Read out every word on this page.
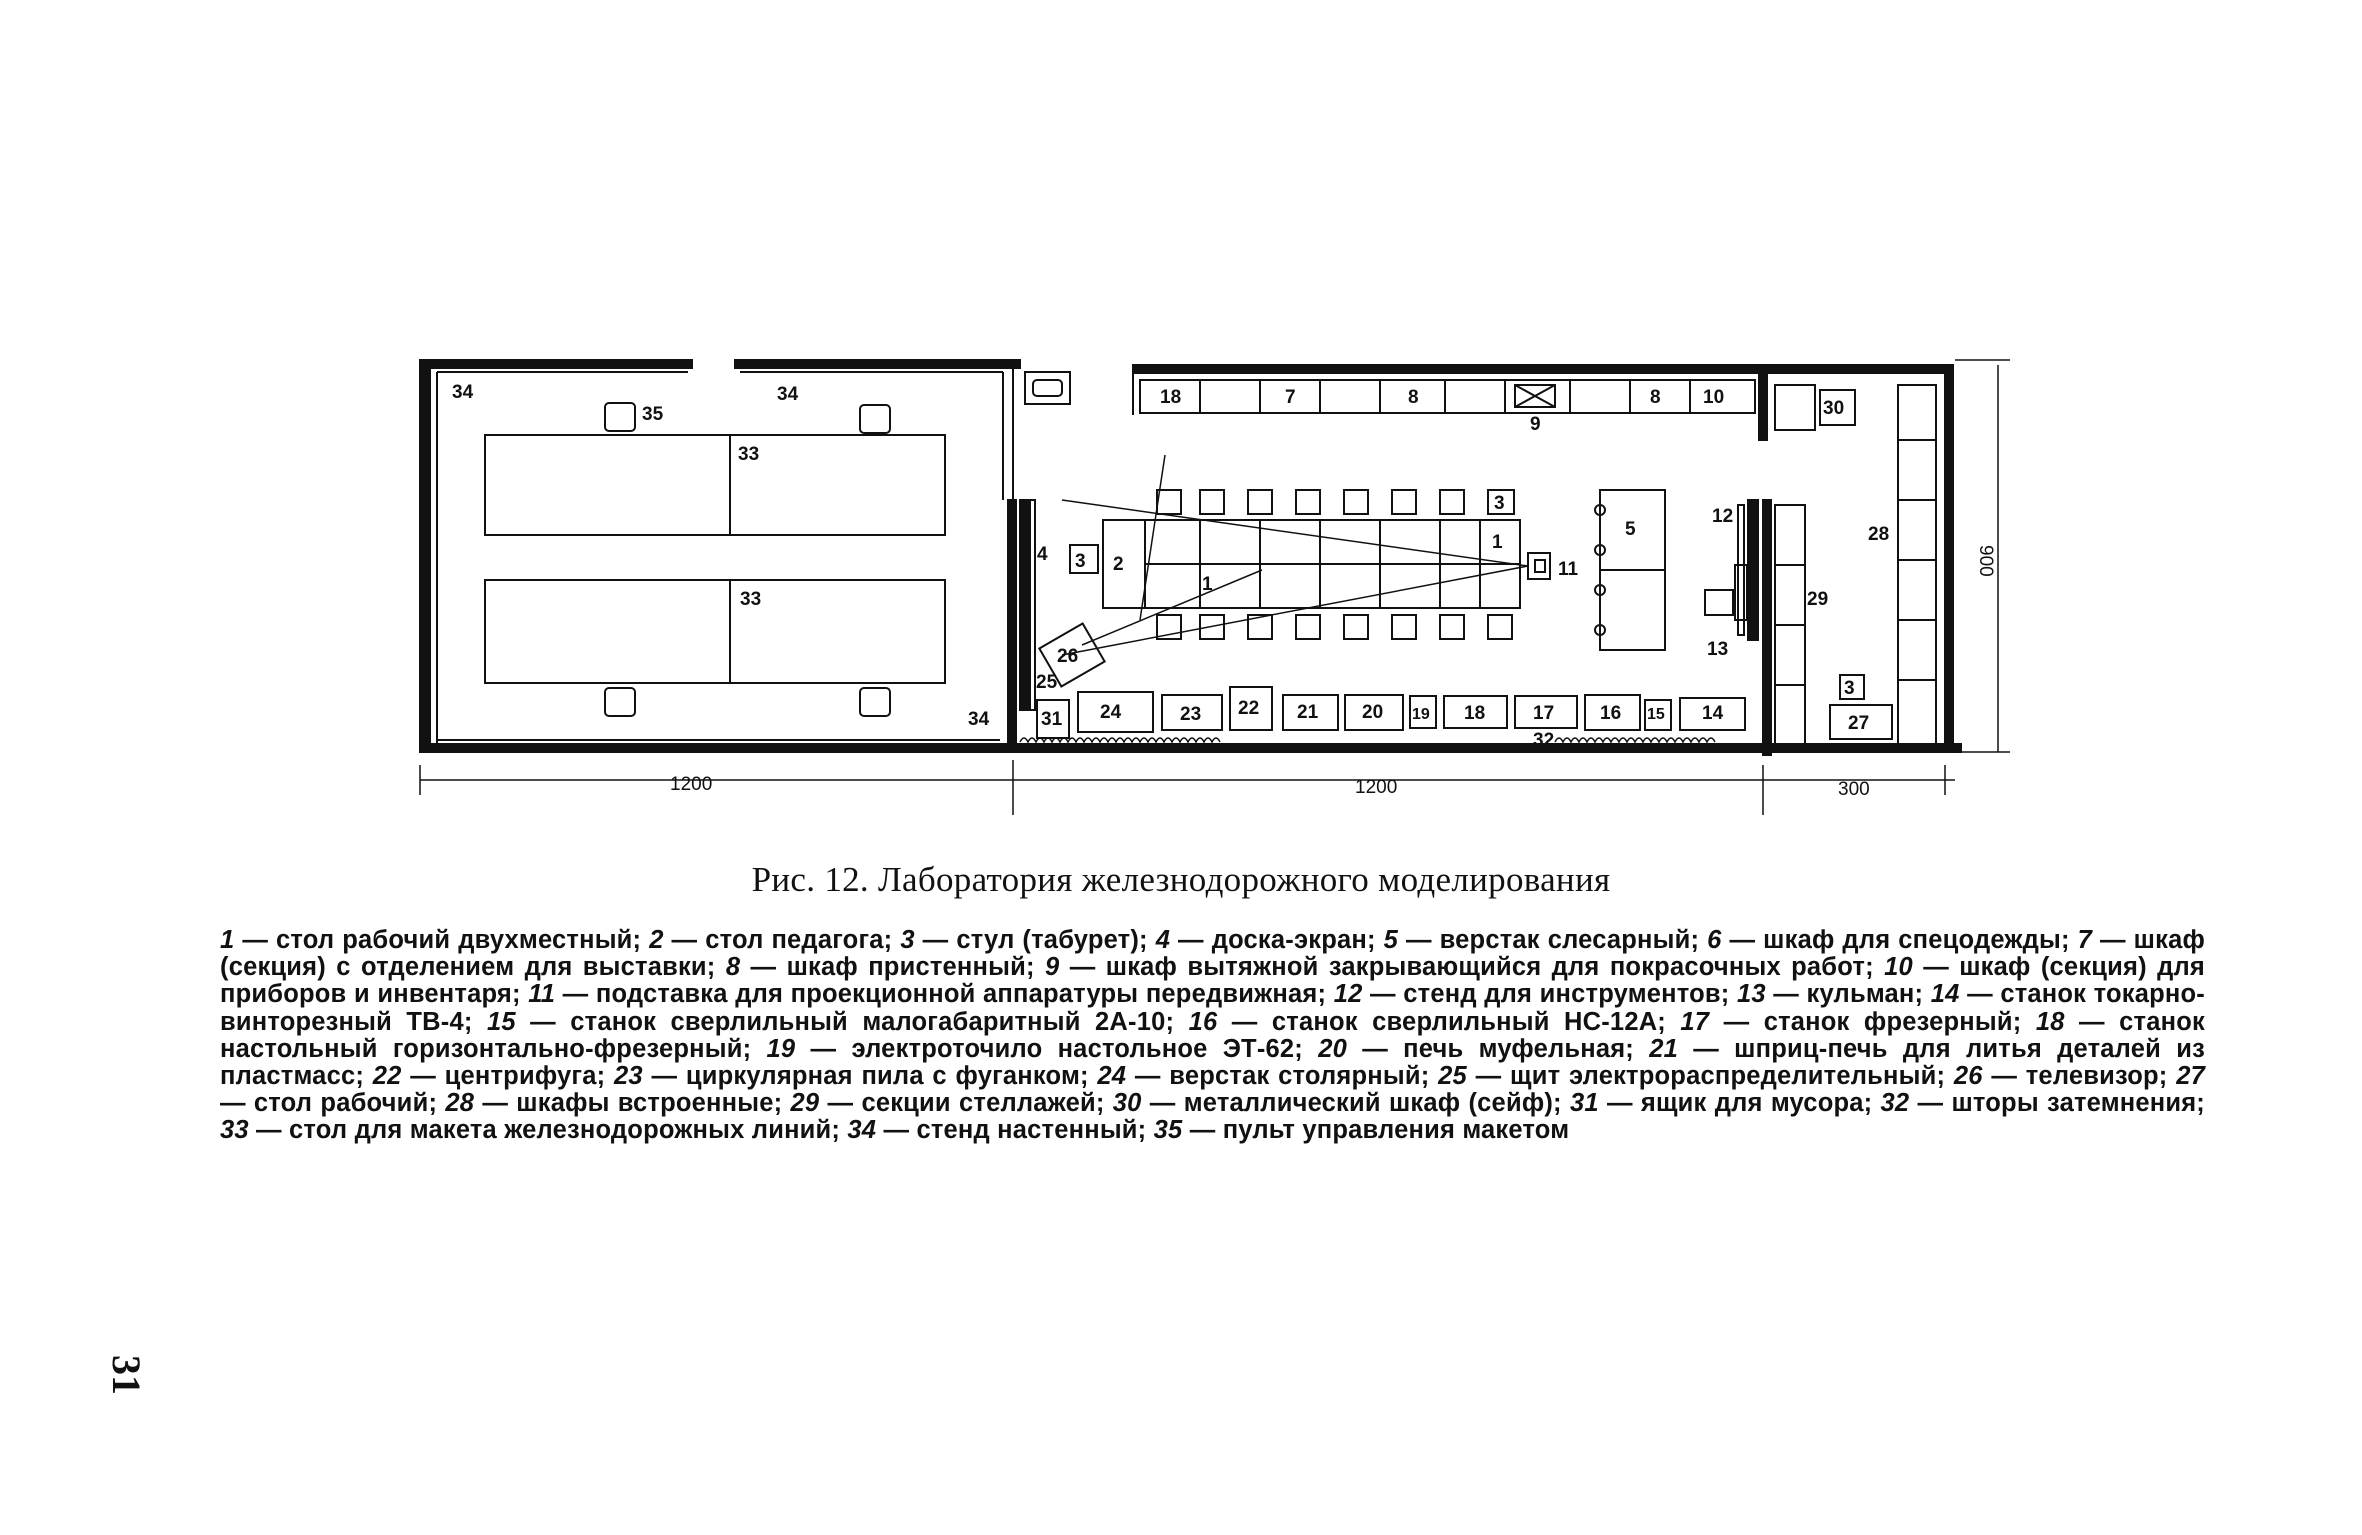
34
35
34
33
33
34
18	7	8
9
8 10
30
4 3 2
1
1
3
11
5
12
13
28
29
26
25
31 24	23 22 21 20 19 18	17 16 15 14
3
27
32
1200	1200	300
900
Рис. 12. Лаборатория железнодорожного моделирования
1 — стол рабочий двухместный; 2 — стол педагога; 3 — стул (табурет); 4 — доска-экран; 5 — верстак слесарный; 6 — шкаф для спецодежды; 7 — шкаф (секция) с отделением для выставки; 8 — шкаф пристенный; 9 — шкаф вытяжной закрывающийся для покрасочных работ; 10 — шкаф (секция) для приборов и инвентаря; 11 — подставка для проекционной аппаратуры передвижная; 12 — стенд для инструментов; 13 — кульман; 14 — станок токарно-винторезный ТВ-4; 15 — станок сверлильный малогабаритный 2А-10; 16 — станок сверлильный НС-12А; 17 — станок фрезерный; 18 — станок настольный горизонтально-фрезерный; 19 — электроточило настольное ЭТ-62; 20 — печь муфельная; 21 — шприц-печь для литья деталей из пластмасс; 22 — центрифуга; 23 — циркулярная пила с фуганком; 24 — верстак столярный; 25 — щит электрораспределительный; 26 — телевизор; 27 — стол рабочий; 28 — шкафы встроенные; 29 — секции стеллажей; 30 — металлический шкаф (сейф); 31 — ящик для мусора; 32 — шторы затемнения; 33 — стол для макета железнодорожных линий; 34 — стенд настенный; 35 — пульт управления макетом
31
